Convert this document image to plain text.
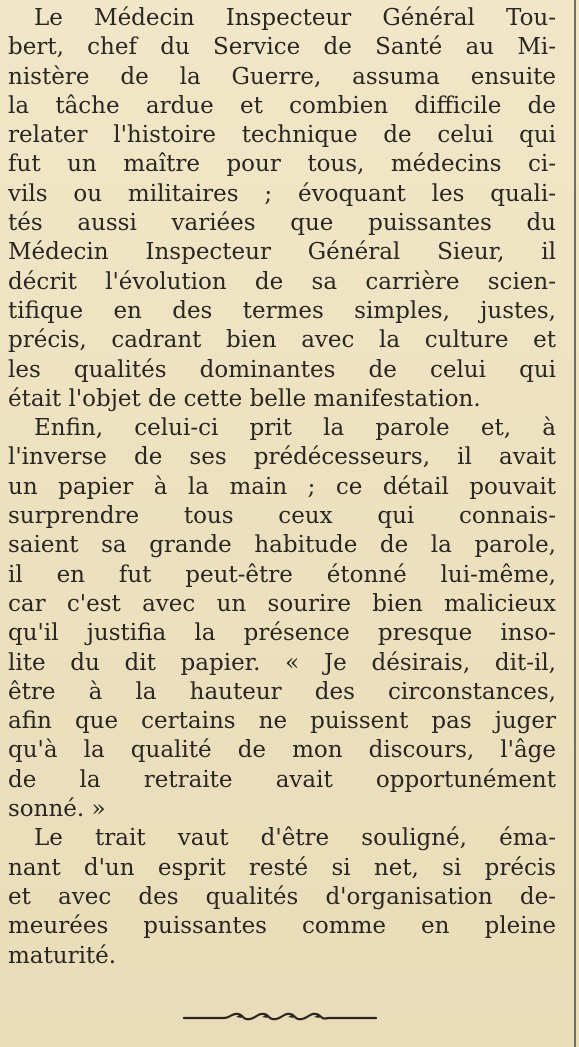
Le Médecin Inspecteur Général Tou-
bert, chef du Service de Santé au Mi-
nistère de la Guerre, assuma ensuite
la tâche ardue et combien difficile de
relater l'histoire technique de celui qui
fut un maître pour tous, médecins ci-
vils ou militaires ; évoquant les quali-
tés aussi variées que puissantes du
Médecin Inspecteur Général Sieur, il
décrit l'évolution de sa carrière scien-
tifique en des termes simples, justes,
précis, cadrant bien avec la culture et
les qualités dominantes de celui qui
était l'objet de cette belle manifestation.
Enfin, celui-ci prit la parole et, à
l'inverse de ses prédécesseurs, il avait
un papier à la main ; ce détail pouvait
surprendre tous ceux qui connais-
saient sa grande habitude de la parole,
il en fut peut-être étonné lui-même,
car c'est avec un sourire bien malicieux
qu'il justifia la présence presque inso-
lite du dit papier. « Je désirais, dit-il,
être à la hauteur des circonstances,
afin que certains ne puissent pas juger
qu'à la qualité de mon discours, l'âge
de la retraite avait opportunément
sonné. »
Le trait vaut d'être souligné, éma-
nant d'un esprit resté si net, si précis
et avec des qualités d'organisation de-
meurées puissantes comme en pleine
maturité.
